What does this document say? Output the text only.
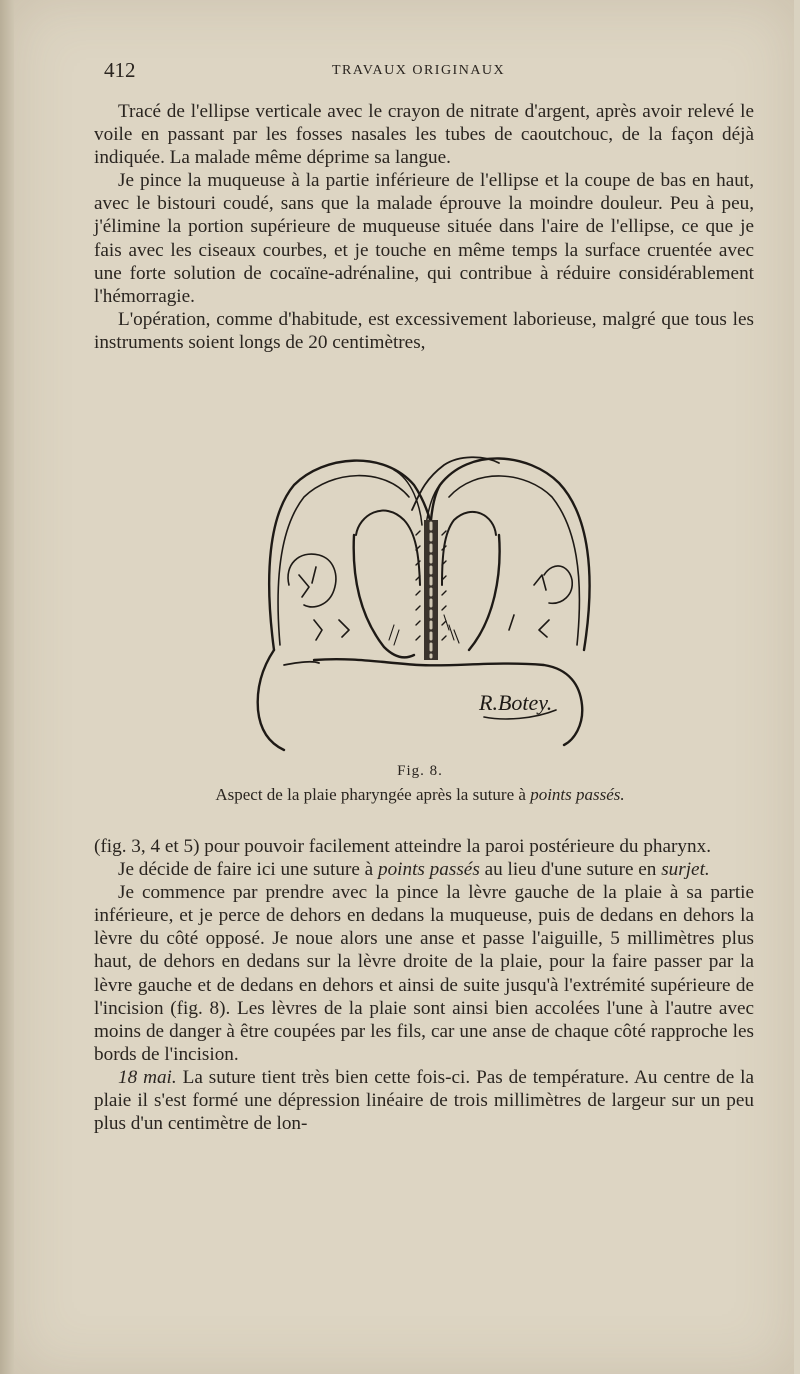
412	TRAVAUX ORIGINAUX

Tracé de l'ellipse verticale avec le crayon de nitrate d'argent, après avoir relevé le voile en passant par les fosses nasales les tubes de caoutchouc, de la façon déjà indiquée. La malade même déprime sa langue.

Je pince la muqueuse à la partie inférieure de l'ellipse et la coupe de bas en haut, avec le bistouri coudé, sans que la malade éprouve la moindre douleur. Peu à peu, j'élimine la portion supérieure de muqueuse située dans l'aire de l'ellipse, ce que je fais avec les ciseaux courbes, et je touche en même temps la surface cruentée avec une forte solution de cocaïne-adrénaline, qui contribue à réduire considérablement l'hémorragie.

L'opération, comme d'habitude, est excessivement laborieuse, malgré que tous les instruments soient longs de 20 centimètres,

R.Botey.
Fig. 8.
Aspect de la plaie pharyngée après la suture à points passés.

(fig. 3, 4 et 5) pour pouvoir facilement atteindre la paroi postérieure du pharynx.

Je décide de faire ici une suture à points passés au lieu d'une suture en surjet.

Je commence par prendre avec la pince la lèvre gauche de la plaie à sa partie inférieure, et je perce de dehors en dedans la muqueuse, puis de dedans en dehors la lèvre du côté opposé. Je noue alors une anse et passe l'aiguille, 5 millimètres plus haut, de dehors en dedans sur la lèvre droite de la plaie, pour la faire passer par la lèvre gauche et de dedans en dehors et ainsi de suite jusqu'à l'extrémité supérieure de l'incision (fig. 8). Les lèvres de la plaie sont ainsi bien accolées l'une à l'autre avec moins de danger à être coupées par les fils, car une anse de chaque côté rapproche les bords de l'incision.

18 mai. La suture tient très bien cette fois-ci. Pas de température. Au centre de la plaie il s'est formé une dépression linéaire de trois millimètres de largeur sur un peu plus d'un centimètre de lon-
